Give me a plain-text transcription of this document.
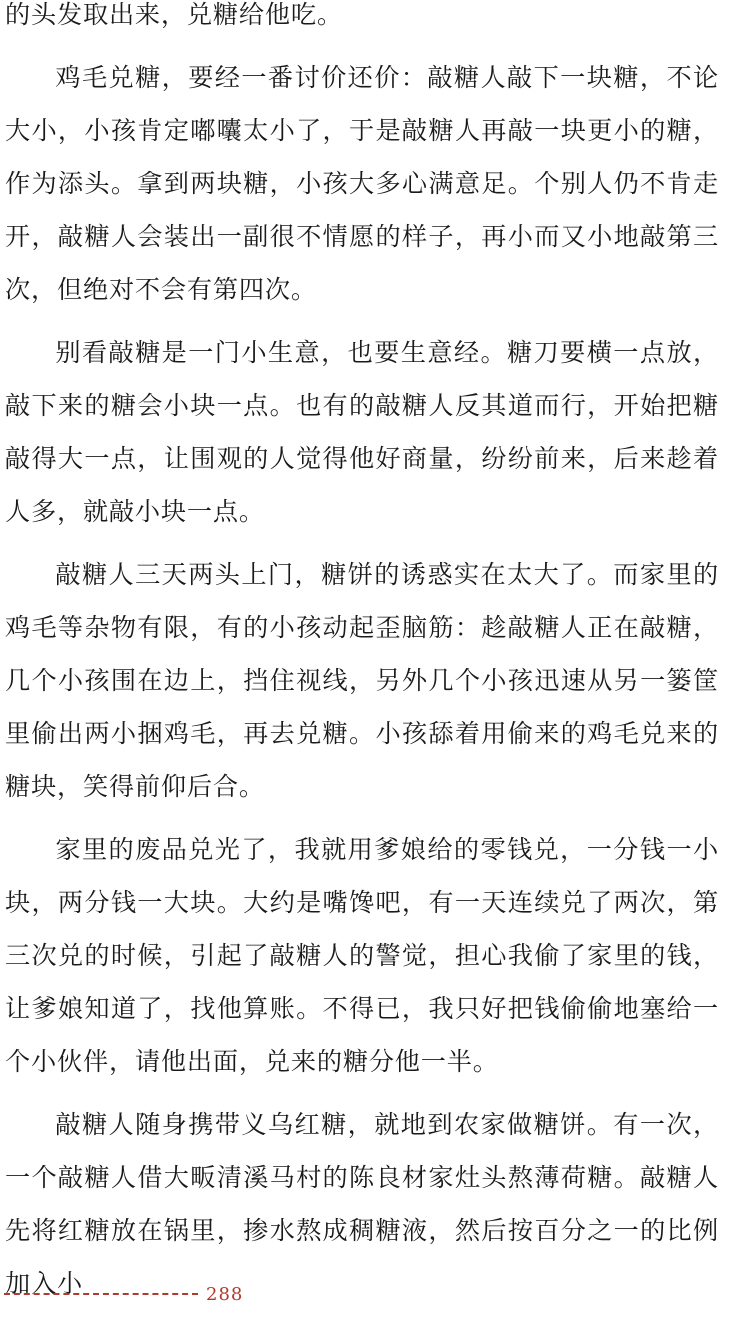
的头发取出来，兑糖给他吃。

鸡毛兑糖，要经一番讨价还价：敲糖人敲下一块糖，不论大小，小孩肯定嘟囔太小了，于是敲糖人再敲一块更小的糖，作为添头。拿到两块糖，小孩大多心满意足。个别人仍不肯走开，敲糖人会装出一副很不情愿的样子，再小而又小地敲第三次，但绝对不会有第四次。

别看敲糖是一门小生意，也要生意经。糖刀要横一点放，敲下来的糖会小块一点。也有的敲糖人反其道而行，开始把糖敲得大一点，让围观的人觉得他好商量，纷纷前来，后来趁着人多，就敲小块一点。

敲糖人三天两头上门，糖饼的诱惑实在太大了。而家里的鸡毛等杂物有限，有的小孩动起歪脑筋：趁敲糖人正在敲糖，几个小孩围在边上，挡住视线，另外几个小孩迅速从另一篓筐里偷出两小捆鸡毛，再去兑糖。小孩舔着用偷来的鸡毛兑来的糖块，笑得前仰后合。

家里的废品兑光了，我就用爹娘给的零钱兑，一分钱一小块，两分钱一大块。大约是嘴馋吧，有一天连续兑了两次，第三次兑的时候，引起了敲糖人的警觉，担心我偷了家里的钱，让爹娘知道了，找他算账。不得已，我只好把钱偷偷地塞给一个小伙伴，请他出面，兑来的糖分他一半。

敲糖人随身携带义乌红糖，就地到农家做糖饼。有一次，一个敲糖人借大畈清溪马村的陈良材家灶头熬薄荷糖。敲糖人先将红糖放在锅里，掺水熬成稠糖液，然后按百分之一的比例加入小	288
